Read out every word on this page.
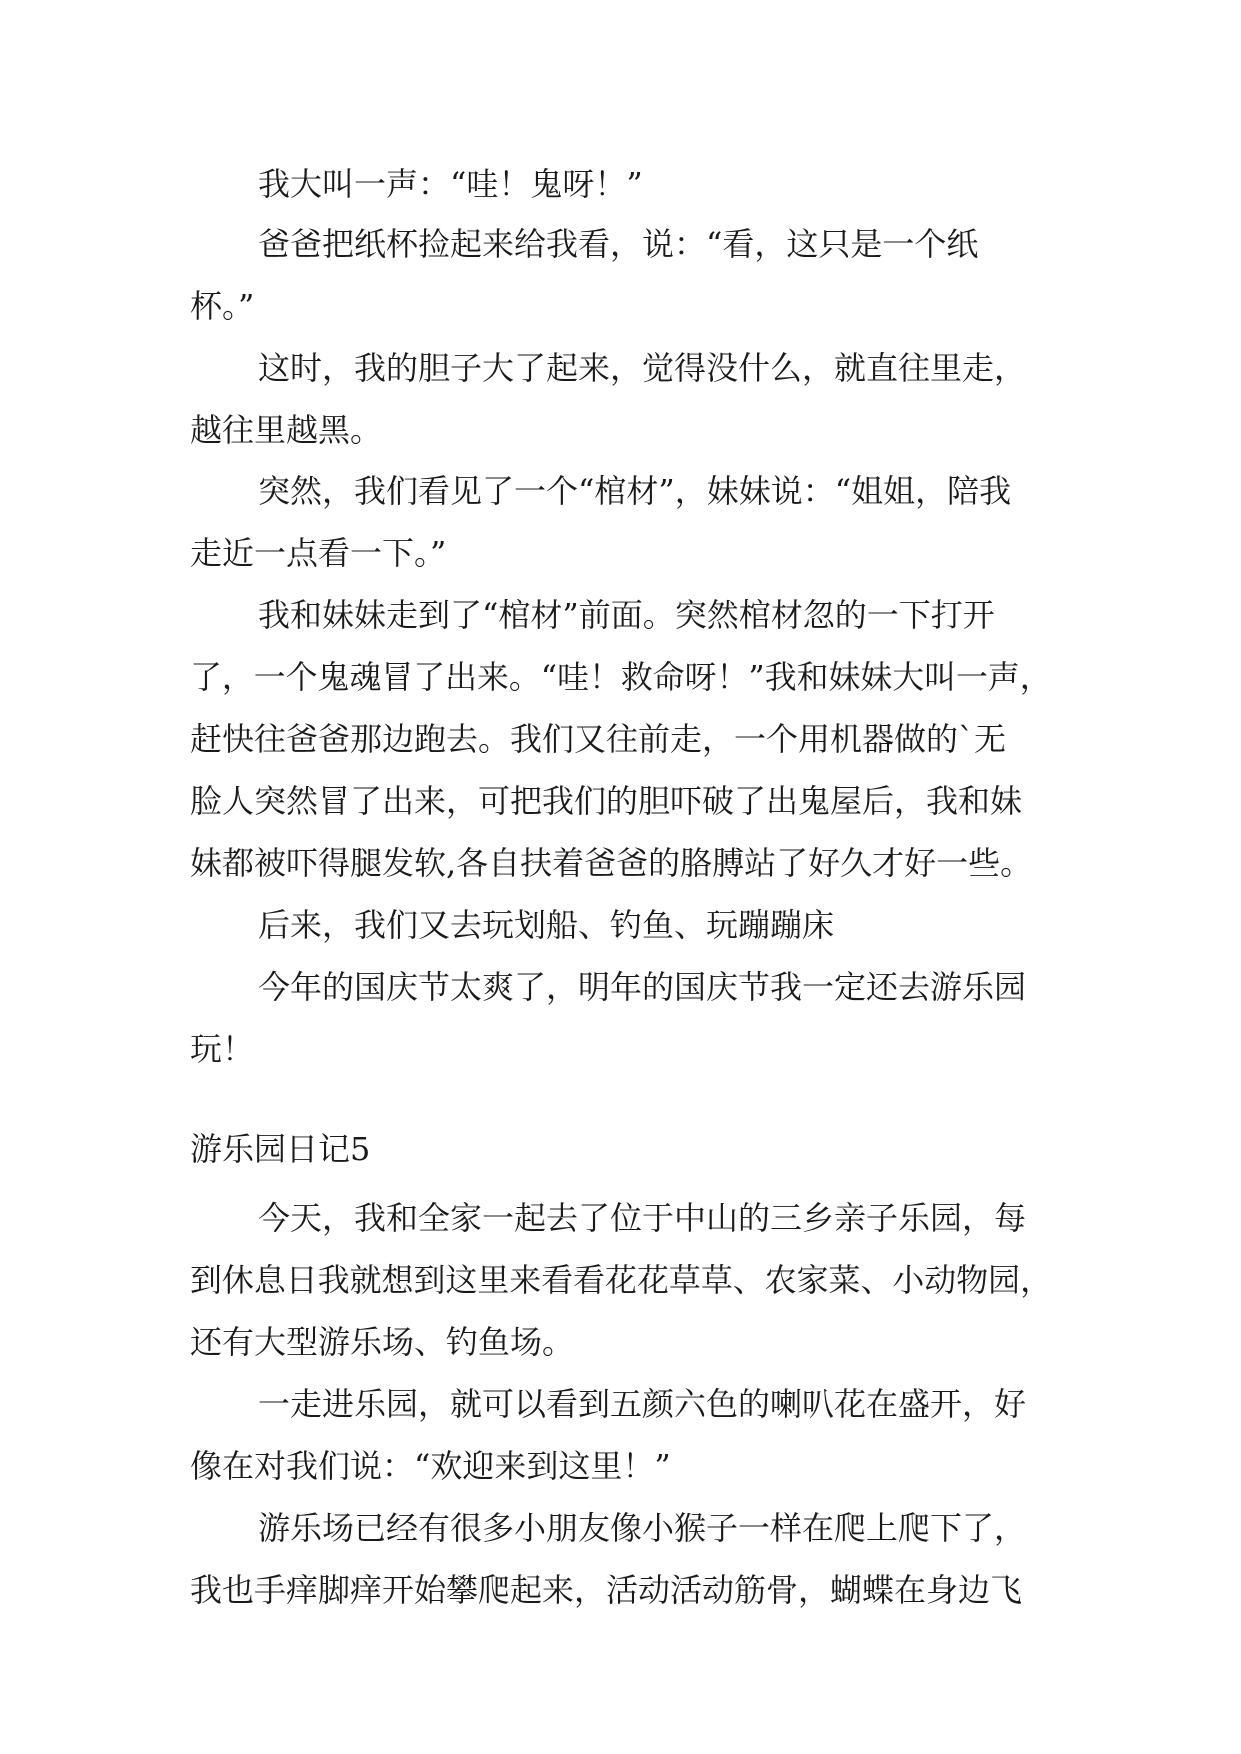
我大叫一声：“哇！鬼呀！”
爸爸把纸杯捡起来给我看，说：“看，这只是一个纸
杯。”
这时，我的胆子大了起来，觉得没什么，就直往里走，
越往里越黑。
突然，我们看见了一个“棺材”，妹妹说：“姐姐，陪我
走近一点看一下。”
我和妹妹走到了“棺材”前面。突然棺材忽的一下打开
了，一个鬼魂冒了出来。“哇！救命呀！”我和妹妹大叫一声，
赶快往爸爸那边跑去。我们又往前走，一个用机器做的`无
脸人突然冒了出来，可把我们的胆吓破了出鬼屋后，我和妹
妹都被吓得腿发软,各自扶着爸爸的胳膊站了好久才好一些。
后来，我们又去玩划船、钓鱼、玩蹦蹦床
今年的国庆节太爽了，明年的国庆节我一定还去游乐园
玩！
游乐园日记5
今天，我和全家一起去了位于中山的三乡亲子乐园，每
到休息日我就想到这里来看看花花草草、农家菜、小动物园，
还有大型游乐场、钓鱼场。
一走进乐园，就可以看到五颜六色的喇叭花在盛开，好
像在对我们说：“欢迎来到这里！”
游乐场已经有很多小朋友像小猴子一样在爬上爬下了，
我也手痒脚痒开始攀爬起来，活动活动筋骨，蝴蝶在身边飞
